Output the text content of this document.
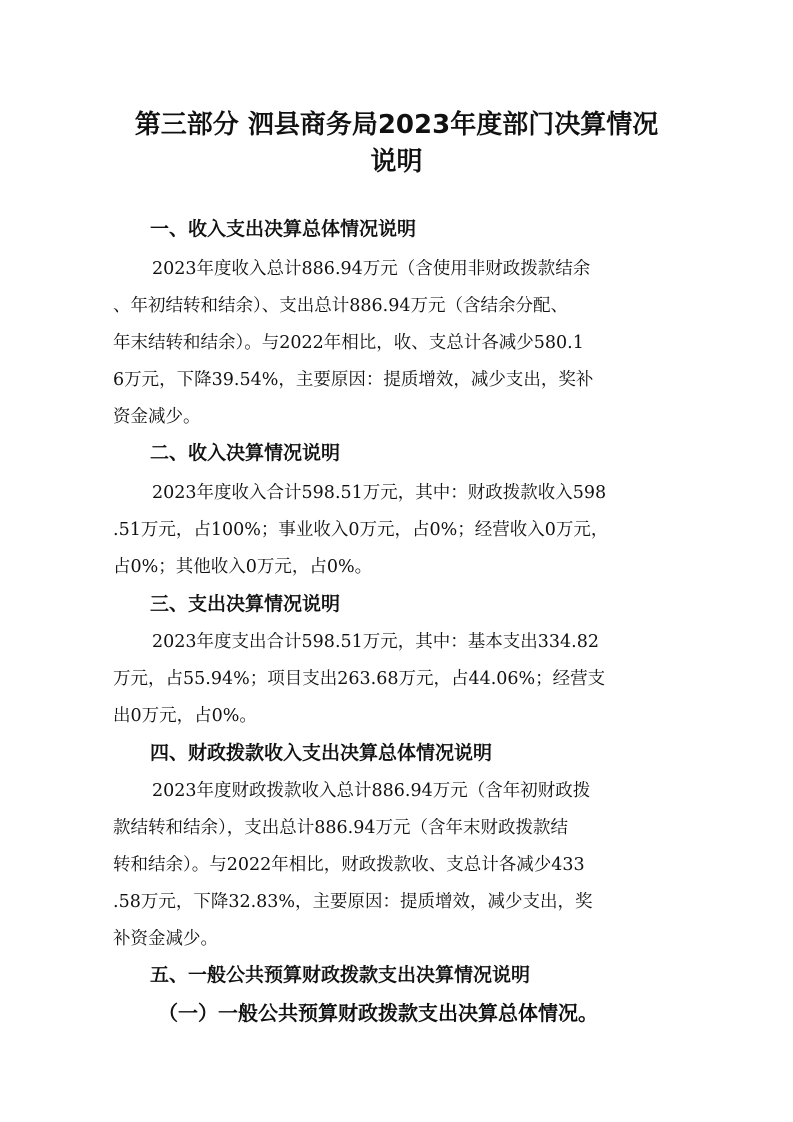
第三部分 泗县商务局2023年度部门决算情况
说明
一、收入支出决算总体情况说明

2023年度收入总计886.94万元（含使用非财政拨款结余

、年初结转和结余）、支出总计886.94万元（含结余分配、

年末结转和结余）。与2022年相比，收、支总计各减少580.1

6万元，下降39.54%，主要原因：提质增效，减少支出，奖补

资金减少。

二、收入决算情况说明

2023年度收入合计598.51万元，其中：财政拨款收入598

.51万元，占100%；事业收入0万元，占0%；经营收入0万元，

占0%；其他收入0万元，占0%。

三、支出决算情况说明

2023年度支出合计598.51万元，其中：基本支出334.82

万元，占55.94%；项目支出263.68万元，占44.06%；经营支

出0万元，占0%。

四、财政拨款收入支出决算总体情况说明

2023年度财政拨款收入总计886.94万元（含年初财政拨

款结转和结余），支出总计886.94万元（含年末财政拨款结

转和结余）。与2022年相比，财政拨款收、支总计各减少433

.58万元，下降32.83%，主要原因：提质增效，减少支出，奖

补资金减少。

五、一般公共预算财政拨款支出决算情况说明
（一）一般公共预算财政拨款支出决算总体情况。
